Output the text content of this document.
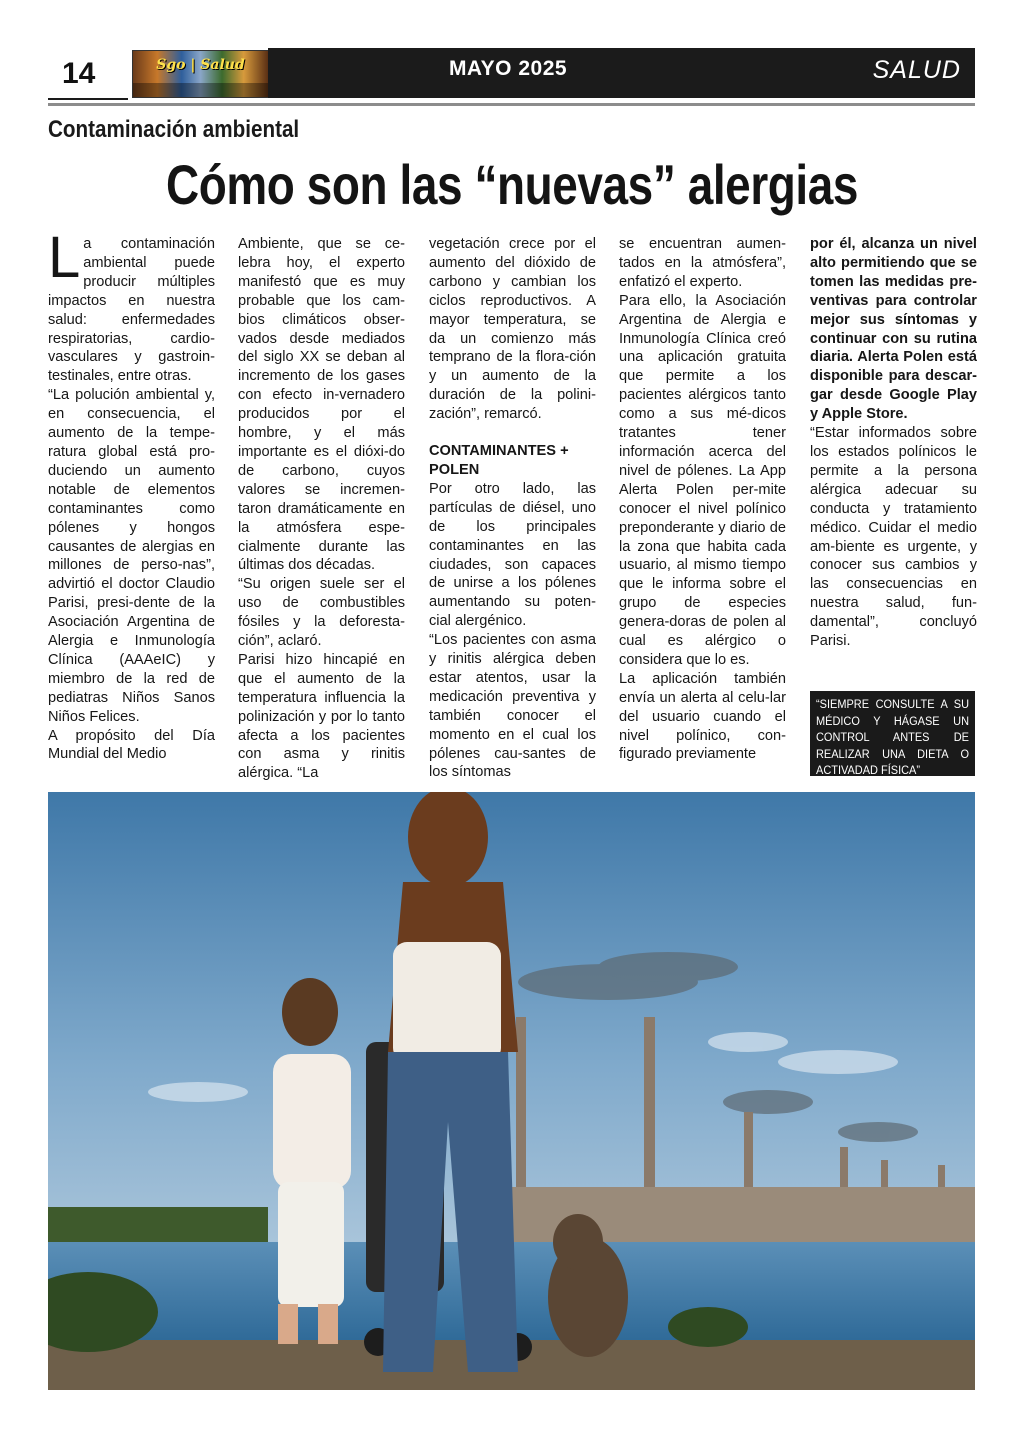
14	Sgo | Salud	MAYO 2025	SALUD
Contaminación ambiental
Cómo son las “nuevas” alergias

La contaminación ambiental puede producir múltiples impactos en nuestra salud: enfermedades respiratorias, cardio-vasculares y gastroin-testinales, entre otras.

“La polución ambiental y, en consecuencia, el aumento de la tempe-ratura global está pro-duciendo un aumento notable de elementos contaminantes como pólenes y hongos causantes de alergias en millones de perso-nas”, advirtió el doctor Claudio Parisi, presi-dente de la Asociación Argentina de Alergia e Inmunología Clínica (AAAeIC) y miembro de la red de pediatras Niños Sanos Niños Felices.

A propósito del Día Mundial del Medio

Ambiente, que se ce-lebra hoy, el experto manifestó que es muy probable que los cam-bios climáticos obser-vados desde mediados del siglo XX se deban al incremento de los gases con efecto in-vernadero producidos por el hombre, y el más importante es el dióxi-do de carbono, cuyos valores se incremen-taron dramáticamente en la atmósfera espe-cialmente durante las últimas dos décadas.

“Su origen suele ser el uso de combustibles fósiles y la deforesta-ción”, aclaró.

Parisi hizo hincapié en que el aumento de la temperatura influencia la polinización y por lo tanto afecta a los pacientes con asma y rinitis alérgica. “La

vegetación crece por el aumento del dióxido de carbono y cambian los ciclos reproductivos. A mayor temperatura, se da un comienzo más temprano de la flora-ción y un aumento de la duración de la polini-zación”, remarcó.

CONTAMINANTES + POLEN

Por otro lado, las partículas de diésel, uno de los principales contaminantes en las ciudades, son capaces de unirse a los pólenes aumentando su poten-cial alergénico.

“Los pacientes con asma y rinitis alérgica deben estar atentos, usar la medicación preventiva y también conocer el momento en el cual los pólenes cau-santes de los síntomas

se encuentran aumen-tados en la atmósfera”, enfatizó el experto.

Para ello, la Asociación Argentina de Alergia e Inmunología Clínica creó una aplicación gratuita que permite a los pacientes alérgicos tanto como a sus mé-dicos tratantes tener información acerca del nivel de pólenes. La App Alerta Polen per-mite conocer el nivel polínico preponderante y diario de la zona que habita cada usuario, al mismo tiempo que le informa sobre el grupo de especies genera-doras de polen al cual es alérgico o considera que lo es.

La aplicación también envía un alerta al celu-lar del usuario cuando el nivel polínico, con-figurado previamente

por él, alcanza un nivel alto permitiendo que se tomen las medidas pre-ventivas para controlar mejor sus síntomas y continuar con su rutina diaria. Alerta Polen está disponible para descar-gar desde Google Play y Apple Store.

“Estar informados sobre los estados polínicos le permite a la persona alérgica adecuar su conducta y tratamiento médico. Cuidar el medio am-biente es urgente, y conocer sus cambios y las consecuencias en nuestra salud, fun-damental”, concluyó Parisi.

“SIEMPRE CONSULTE A SU MÉDICO Y HÁGASE UN CONTROL ANTES DE REALIZAR UNA DIETA O ACTIVADAD FÍSICA”
